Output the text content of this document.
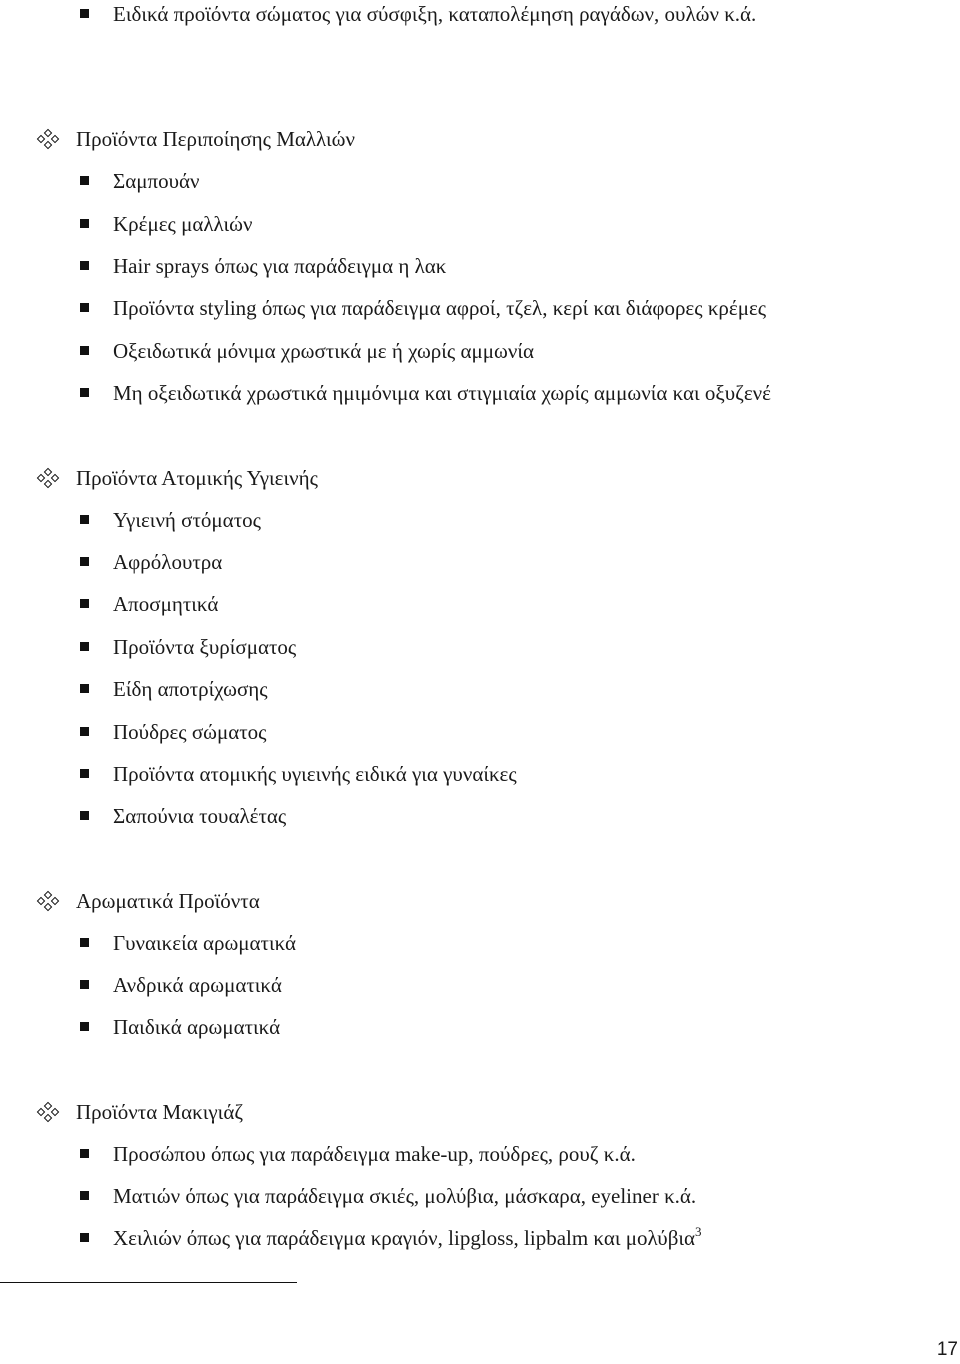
Ειδικά προϊόντα σώματος για σύσφιξη, καταπολέμηση ραγάδων, ουλών κ.ά.
Προϊόντα Περιποίησης Μαλλιών
Σαμπουάν
Κρέμες μαλλιών
Hair sprays όπως για παράδειγμα η λακ
Προϊόντα styling όπως για παράδειγμα αφροί, τζελ, κερί και διάφορες κρέμες
Οξειδωτικά μόνιμα χρωστικά με ή χωρίς αμμωνία
Μη οξειδωτικά χρωστικά ημιμόνιμα και στιγμιαία χωρίς αμμωνία και οξυζενέ
Προϊόντα Ατομικής Υγιεινής
Υγιεινή στόματος
Αφρόλουτρα
Αποσμητικά
Προϊόντα ξυρίσματος
Είδη αποτρίχωσης
Πούδρες σώματος
Προϊόντα ατομικής υγιεινής ειδικά για γυναίκες
Σαπούνια τουαλέτας
Αρωματικά Προϊόντα
Γυναικεία αρωματικά
Ανδρικά αρωματικά
Παιδικά αρωματικά
Προϊόντα Μακιγιάζ
Προσώπου όπως για παράδειγμα make-up, πούδρες, ρουζ κ.ά.
Ματιών όπως για παράδειγμα σκιές, μολύβια, μάσκαρα, eyeliner κ.ά.
Χειλιών όπως για παράδειγμα κραγιόν, lipgloss, lipbalm και μολύβια$^3$
17
